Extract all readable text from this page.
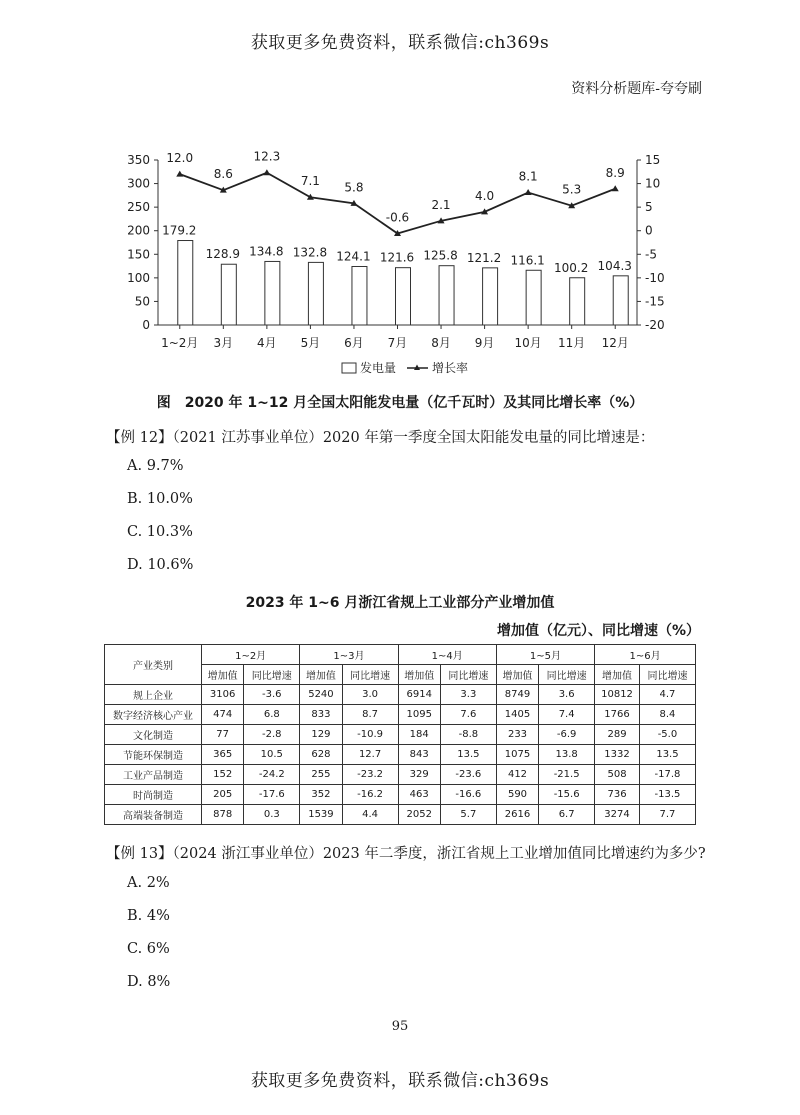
获取更多免费资料，联系微信:ch369s
资料分析题库-夸夸刷
0
50
100
150
200
250
300
350
-20
-15
-10
-5
0
5
10
15
179.2
1~2月
128.9
3月
134.8
4月
132.8
5月
124.1
6月
121.6
7月
125.8
8月
121.2
9月
116.1
10月
100.2
11月
104.3
12月
12.0
8.6
12.3
7.1 5.8
-0.6
2.1
4.0
8.1
5.3
8.9
发电量	增长率
图　2020 年 1~12 月全国太阳能发电量（亿千瓦时）及其同比增长率（%）
【例 12】（2021 江苏事业单位）2020 年第一季度全国太阳能发电量的同比增速是：
A. 9.7%
B. 10.0%
C. 10.3%
D. 10.6%
2023 年 1~6 月浙江省规上工业部分产业增加值
增加值（亿元）、同比增速（%）
产业类别	1~2月		1~3月		1~4月		1~5月		1~6月	
	增加值	同比增速	增加值	同比增速	增加值	同比增速	增加值	同比增速	增加值	同比增速
规上企业	3106	-3.6	5240	3.0	6914	3.3	8749	3.6	10812	4.7
数字经济核心产业	474	6.8	833	8.7	1095	7.6	1405	7.4	1766	8.4
文化制造	77	-2.8	129	-10.9	184	-8.8	233	-6.9	289	-5.0
节能环保制造	365	10.5	628	12.7	843	13.5	1075	13.8	1332	13.5
工业产品制造	152	-24.2	255	-23.2	329	-23.6	412	-21.5	508	-17.8
时尚制造	205	-17.6	352	-16.2	463	-16.6	590	-15.6	736	-13.5
高端装备制造	878	0.3	1539	4.4	2052	5.7	2616	6.7	3274	7.7
【例 13】（2024 浙江事业单位）2023 年二季度，浙江省规上工业增加值同比增速约为多少?
A. 2%
B. 4%
C. 6%
D. 8%
95
获取更多免费资料，联系微信:ch369s
